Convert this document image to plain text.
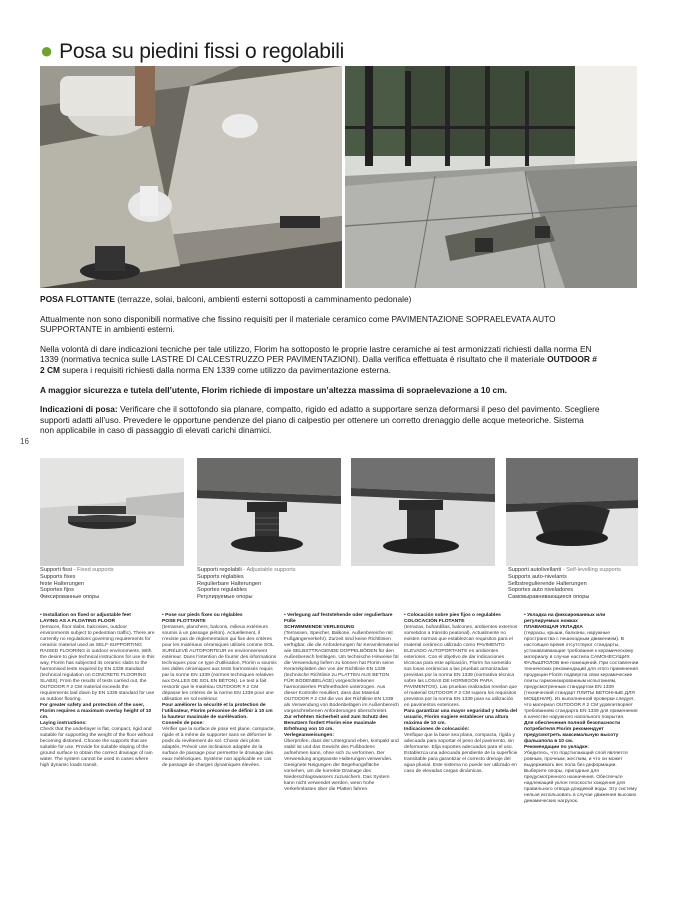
● Posa su piedini fissi o regolabili

POSA FLOTTANTE (terrazze, solai, balconi, ambienti esterni sottoposti a camminamento pedonale)

Attualmente non sono disponibili normative che fissino requisiti per il materiale ceramico come PAVIMENTAZIONE SOPRAELEVATA AUTO SUPPORTANTE in ambienti esterni.

Nella volontà di dare indicazioni tecniche per tale utilizzo, Florim ha sottoposto le proprie lastre ceramiche ai test armonizzati richiesti dalla norma EN 1339 (normativa tecnica sulle LASTRE DI CALCESTRUZZO PER PAVIMENTAZIONI). Dalla verifica effettuata è risultato che il materiale OUTDOOR # 2 CM supera i requisiti richiesti dalla norma EN 1339 come utilizzo da pavimentazione esterna.

A maggior sicurezza e tutela dell’utente, Florim richiede di impostare un’altezza massima di sopraelevazione a 10 cm.

Indicazioni di posa: Verificare che il sottofondo sia planare, compatto, rigido ed adatto a supportare senza deformarsi il peso del pavimento. Scegliere supporti adatti all’uso. Prevedere le opportune pendenze del piano di calpestio per ottenere un corretto drenaggio delle acque meteoriche. Sistema non applicabile in caso di passaggio di elevati carichi dinamici.

16
Supporti fissi - Fixed supports
Supports fixes
feste Halterungen
Soportes fijos
Фиксированные опоры
Supporti regolabili - Adjustable supports
Supports réglables
Regulierbare Halterungen
Soportes regulables
Регулируемые опоры
Supporti autolivellanti - Self-levelling supports
Supports auto-nivelants
Selbstregulierende Halterungen
Soportes auto niveladores
Самовыравнивающиеся опоры

• Installation on fixed or adjustable feet

LAYING AS A FLOATING FLOOR

(terraces, floor slabs, balconies, outdoor environments subject to pedestrian traffic). There are currently no regulations governing requirements for ceramic material used as SELF-SUPPORTING RAISED FLOORING in outdoor environments. With the desire to give technical instructions for use in this way, Florim has subjected its ceramic slabs to the harmonised tests required by EN 1339 standard (technical regulation on CONCRETE FLOORING SLABS). From the results of tests carried out, the OUTDOOR # 2 CM material exceeds the requirements laid down by EN 1339 standard for use as outdoor flooring.

For greater safety and protection of the user, Florim requires a maximum overlay height of 10 cm.

Laying instructions:

Check that the underlayer is flat, compact, rigid and suitable for supporting the weight of the floor without becoming distorted. Choose the supports that are suitable for use. Provide for suitable sloping of the ground surface to obtain the correct drainage of rain water. The system cannot be used in cases where high dynamic loads transit.

• Pose sur pieds fixes ou réglables

POSE FLOTTANTE

(terrasses, planchers, balcons, milieux extérieurs soumis à un passage piéton). Actuellement, il n’existe pas de réglementation qui fixe des critères pour les matériaux céramiques utilisés comme SOL SURÉLEVÉ AUTOPORTEUR en environnement extérieur. Dans l’intention de fournir des informations techniques pour ce type d’utilisation, Florim a soumis ses dalles céramiques aux tests harmonisés requis par la norme EN 1339 (normes techniques relatives aux DALLES DE SOL EN BÉTON). Le test a fait ressortir que le matériau OUTDOOR # 2 CM dépasse les critères de la norme EN 1339 pour une utilisation en sol extérieur.

Pour améliorer la sécurité et la protection de l’utilisateur, Florim préconise de définir à 10 cm la hauteur maximale de surélévation.

Conseils de pose:

Vérifier que la surface de pose est plane, compacte, rigide et à même de supporter sans se déformer le poids du revêtement de sol. Choisir des plots adaptés. Prévoir une inclinaison adaptée de la surface de passage pour permettre le drainage des eaux météoriques. Système non applicable en cas de passage de charges dynamiques élevées.

• Verlegung auf feststehende oder regulierbare Füße

SCHWIMMENDE VERLEGUNG

(Terrassen, Speicher, Balkone, Außenbereiche mit Fußgängerverkehr). Zurzeit sind keine Richtlinien verfügbar, die die Anforderungen für Keramikmaterial wie SELBSTTRAGENDE DOPPELBÖDEN für den Außenbereich festlegen. Um technische Hinweise für die Verwendung liefern zu können hat Florim seine Keramikplatten den von der Richtlinie EN 1339 (technische Richtlinie zu PLATTEN AUS BETON FÜR BODENBELÄGE) vorgeschriebenen harmonisierten Prüfmethoden unterzogen. Aus dieser Kontrolle resultiert, dass das Material OUTDOOR # 2 CM die von der Richtlinie EN 1339 als Verwendung von Bodenbelägen im Außenbereich vorgeschriebenen Anforderungen überschreitet.

Zur erhöhten Sicherheit und zum Schutz des Benutzers fordert Florim eine maximale Erhöhung von 10 cm.

Verlegeanweisungen:

Überprüfen, dass der Untergrund eben, kompakt und stabil ist und das Gewicht des Fußbodens aufnehmen kann, ohne sich zu verformen. Der Verwendung angepasste Halterungen verwenden. Geeignete Neigungen der Begehungsfläche vorsehen, um die korrekte Drainage des Niederschlagswassers zuzusichern. Das System kann nicht verwendet werden, wenn hohe Verkehrslasten über die Platten fahren.

• Colocación sobre pies fijos o regulables

COLOCACIÓN FLOTANTE

(terrazas, buhardillas, balcones, ambientes externos sometidos a tránsito peatonal). Actualmente no existen normas que establezcan requisitos para el material cerámico utilizado como PAVIMENTO ELEVADO AUTOPORTANTE en ambientes exteriores. Con el objetivo de dar indicaciones técnicas para este aplicación, Florim ha sometido sus losas cerámicas a las pruebas armonizadas previstas por la norma EN 1339 (normativa técnica sobre las LOSAS DE HORMIGÓN PARA PAVIMENTOS). Las pruebas realizadas revelan que el material OUTDOOR # 2 CM supera los requisitos previstos por la norma EN 1339 para su utilización en pavimentos exteriores.

Para garantizar una mayor seguridad y tutela del usuario, Florim sugiere establecer una altura máxima de 10 cm.

Indicaciones de colocación:

Verifique que la base sea plana, compacta, rígida y adecuada para soportar el peso del pavimento, sin deformarse. Elija soportes adecuados para el uso. Establezca una adecuada pendiente de la superficie transitable para garantizar el correcto drenaje del agua pluvial. Este sistema no puede ser utilizado en caso de elevadas cargas dinámicas.

• Укладка на фиксированных или регулируемых ножках

ПЛАВАЮЩАЯ УКЛАДКА

(террасы, крыши, балконы, наружные пространства с пешеходным движением). В настоящее время отсутствуют стандарты, устанавливающие требования к керамическому материалу в случае настила САМОНЕСУЩИХ ФАЛЬШПОЛОВ вне помещений. При составлении технических рекомендаций для этого применения продукции Florim подвергла свои керамические плиты гармонизированным испытаниям, предусмотренным стандартом EN 1339 (технический стандарт ПЛИТЫ БЕТОННЫЕ ДЛЯ МОЩЕНИЯ). Из выполненной проверки следует, что материал OUTDOOR # 2 CM удовлетворяет требованиям стандарта EN 1339 для применения в качестве наружного напольного покрытия.

Для обеспечения полной безопасности потребителя Florim рекомендует предусмотреть максимальную высоту фальшпола в 10 см.

Рекомендации по укладке:

Убедитесь, что подстилающий слой является ровным, прочным, жестким, и что он может выдерживать вес пола без деформации. Выберите опоры, пригодные для предусмотренного назначения. Обеспечьте надлежащий уклон плоскости хождения для правильного отвода дождевой воды. Эту систему нельзя использовать в случае движения высоких динамических нагрузок.
